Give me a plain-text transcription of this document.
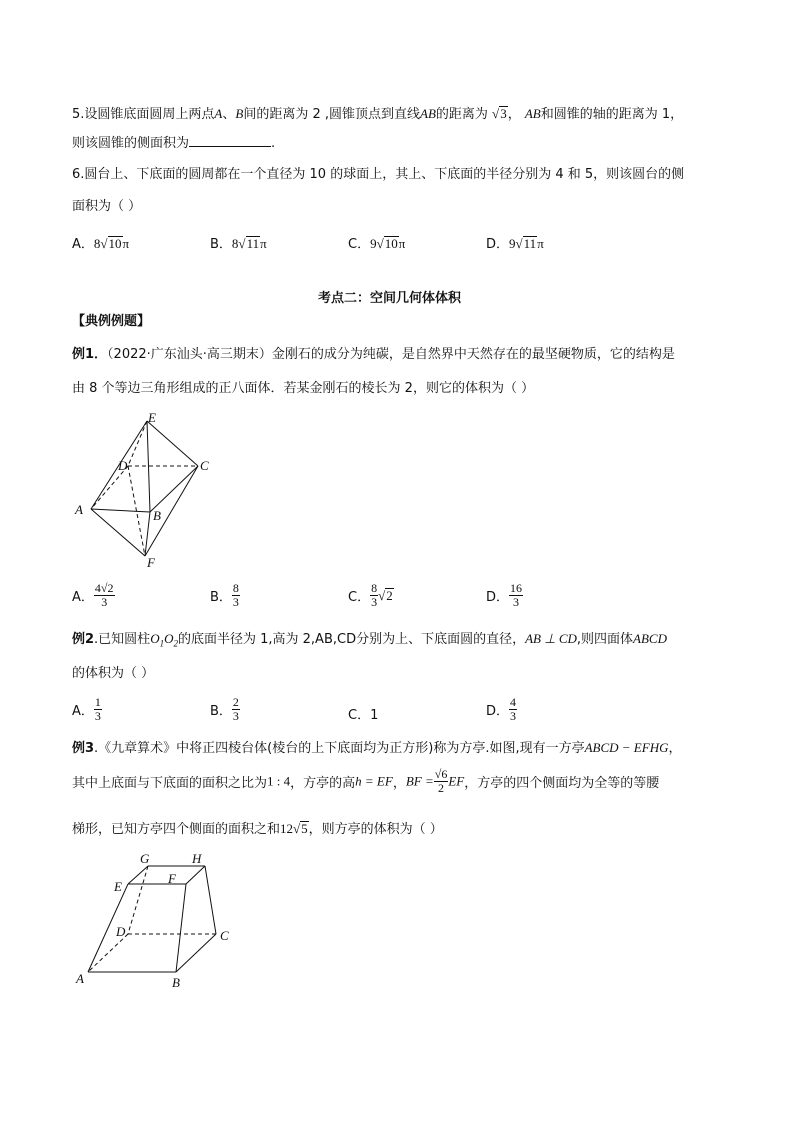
5.设圆锥底面圆周上两点A、B间的距离为 2 ,圆锥顶点到直线AB的距离为 √3， AB和圆锥的轴的距离为 1，
则该圆锥的侧面积为	.
6.圆台上、下底面的圆周都在一个直径为 10 的球面上，其上、下底面的半径分别为 4 和 5，则该圆台的侧
面积为（ ）
A．8√10π	B．8√11π	C．9√10π	D．9√11π
考点二：空间几何体体积
【典例例题】
例1．（2022·广东汕头·高三期末）金刚石的成分为纯碳，是自然界中天然存在的最坚硬物质，它的结构是
由 8 个等边三角形组成的正八面体．若某金刚石的棱长为 2，则它的体积为（ ）
E
D	C
A	B
F
A． $\frac{4√2}{3}$	B． $\frac{8}{3}$	C． $\frac{8}{3} √2$	D． $\frac{16}{3}$
例2.已知圆柱$O_1O_2$的底面半径为 1,高为 2,AB,CD分别为上、下底面圆的直径，AB ⊥ CD,则四面体ABCD
的体积为（ ）
A． $\frac{1}{3}$	B． $\frac{2}{3}$	C．1	D． $\frac{4}{3}$
例3.《九章算术》中将正四棱台体(棱台的上下底面均为正方形)称为方亭.如图,现有一方亭ABCD − EFHG，
其中上底面与下底面的面积之比为1 : 4，方亭的高h = EF，BF = $\frac{√6}{2}$ EF，方亭的四个侧面均为全等的等腰
梯形，已知方亭四个侧面的面积之和12√5，则方亭的体积为（ ）
G	H
E
F
D	C
A	B
